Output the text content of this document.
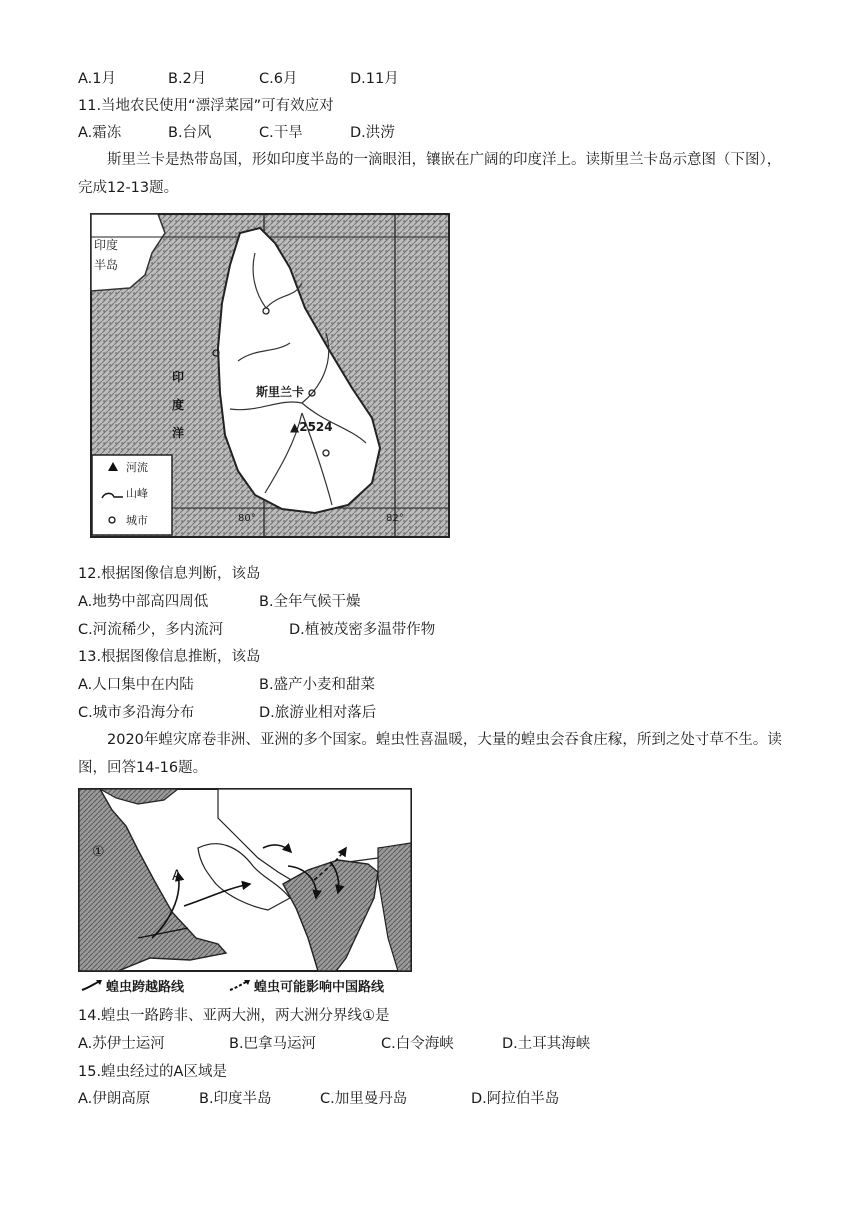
A.1月	B.2月	C.6月	D.11月
11.当地农民使用“漂浮菜园”可有效应对
A.霜冻	B.台风	C.干旱	D.洪涝
斯里兰卡是热带岛国，形如印度半岛的一滴眼泪，镶嵌在广阔的印度洋上。读斯里兰卡岛示意图（下图），完成12-13题。
印度
半岛
斯里兰卡
▲2524
印
度
洋
80°	82°
河流
山峰
城市
12.根据图像信息判断，该岛
A.地势中部高四周低	B.全年气候干燥
C.河流稀少，多内流河	D.植被茂密多温带作物
13.根据图像信息推断，该岛
A.人口集中在内陆	B.盛产小麦和甜菜
C.城市多沿海分布	D.旅游业相对落后
2020年蝗灾席卷非洲、亚洲的多个国家。蝗虫性喜温暖，大量的蝗虫会吞食庄稼，所到之处寸草不生。读图，回答14-16题。
①
A
蝗虫跨越路线	蝗虫可能影响中国路线
14.蝗虫一路跨非、亚两大洲，两大洲分界线①是
A.苏伊士运河	B.巴拿马运河	C.白令海峡	D.土耳其海峡
15.蝗虫经过的A区域是
A.伊朗高原	B.印度半岛	C.加里曼丹岛	D.阿拉伯半岛
